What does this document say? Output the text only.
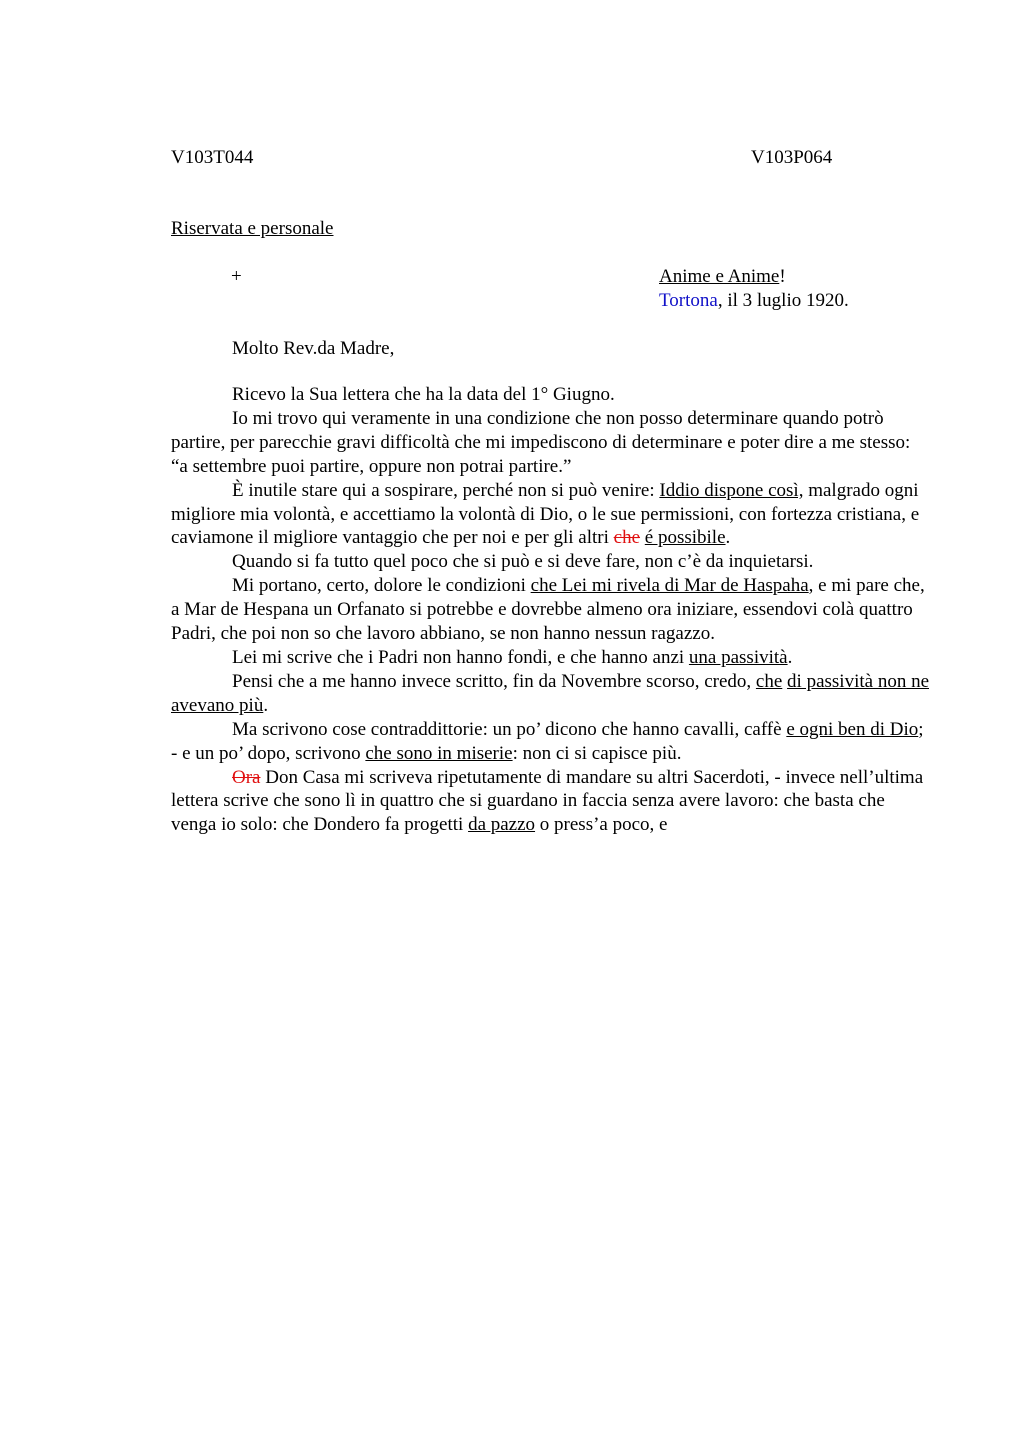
V103T044	V103P064
Riservata e personale
+	Anime e Anime!
Tortona, il 3 luglio 1920.
Molto Rev.da Madre,

Ricevo la Sua lettera che ha la data del 1° Giugno.

Io mi trovo qui veramente in una condizione che non posso determinare quando potrò partire, per parecchie gravi difficoltà che mi impediscono di determinare e poter dire a me stesso: “a settembre puoi partire, oppure non potrai partire.”

È inutile stare qui a sospirare, perché non si può venire: Iddio dispone così, malgrado ogni migliore mia volontà, e accettiamo la volontà di Dio, o le sue permissioni, con fortezza cristiana, e caviamone il migliore vantaggio che per noi e per gli altri che é possibile.

Quando si fa tutto quel poco che si può e si deve fare, non c’è da inquietarsi.

Mi portano, certo, dolore le condizioni che Lei mi rivela di Mar de Haspaha, e mi pare che, a Mar de Hespana un Orfanato si potrebbe e dovrebbe almeno ora iniziare, essendovi colà quattro Padri, che poi non so che lavoro abbiano, se non hanno nessun ragazzo.

Lei mi scrive che i Padri non hanno fondi, e che hanno anzi una passività.

Pensi che a me hanno invece scritto, fin da Novembre scorso, credo, che di passività non ne avevano più.

Ma scrivono cose contraddittorie: un po’ dicono che hanno cavalli, caffè e ogni ben di Dio; - e un po’ dopo, scrivono che sono in miserie: non ci si capisce più.

Ora Don Casa mi scriveva ripetutamente di mandare su altri Sacerdoti, - invece nell’ultima lettera scrive che sono lì in quattro che si guardano in faccia senza avere lavoro: che basta che venga io solo: che Dondero fa progetti da pazzo o press’a poco, e
